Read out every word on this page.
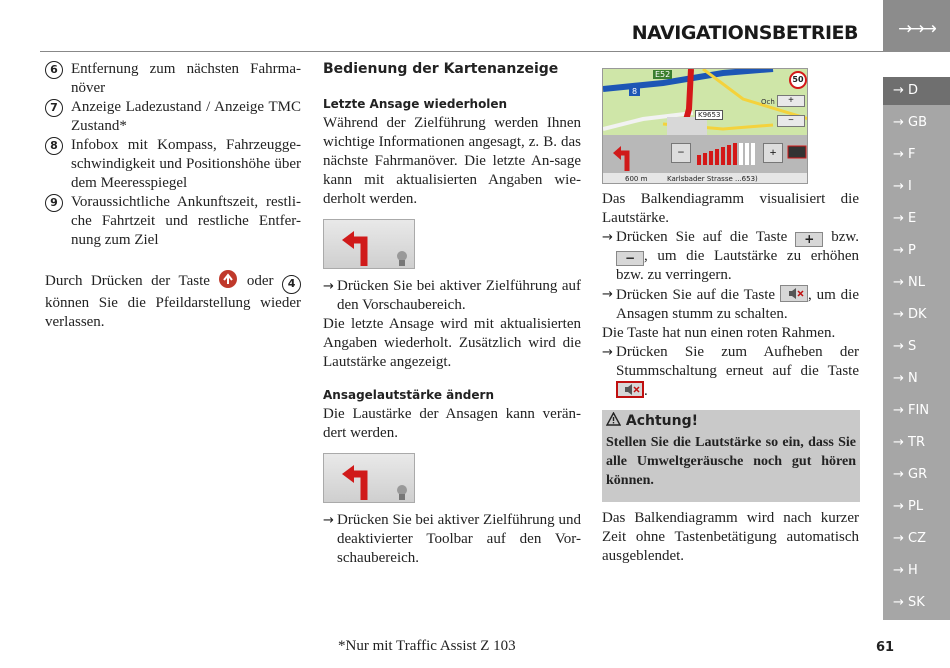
NAVIGATIONSBETRIEB	→→→
→ D
→ GB
→ F
→ I
→ E
→ P
→ NL
→ DK
→ S
→ N
→ FIN
→ TR
→ GR
→ PL
→ CZ
→ H
→ SK
6 Entfernung zum nächsten Fahrma-növer
7 Anzeige Ladezustand / Anzeige TMC Zustand*
8 Infobox mit Kompass, Fahrzeugge-schwindigkeit und Positionshöhe über dem Meeresspiegel
9 Voraussichtliche Ankunftszeit, restli-che Fahrtzeit und restliche Entfer-nung zum Ziel
Durch Drücken der Taste oder 4 können Sie die Pfeildarstellung wieder verlassen.
Bedienung der Kartenanzeige
Letzte Ansage wiederholen
Während der Zielführung werden Ihnen wichtige Informationen angesagt, z. B. das nächste Fahrmanöver. Die letzte An-sage kann mit aktualisierten Angaben wie-derholt werden.
→ Drücken Sie bei aktiver Zielführung auf den Vorschaubereich.
Die letzte Ansage wird mit aktualisierten Angaben wiederholt. Zusätzlich wird die Lautstärke angezeigt.
Ansagelautstärke ändern
Die Laustärke der Ansagen kann verän-dert werden.
→ Drücken Sie bei aktiver Zielführung und deaktivierter Toolbar auf den Vor-schaubereich.
E52
8
K9653
Och
50
+
−
−	+
600 m	Karlsbader Strasse ...653)
Das Balkendiagramm visualisiert die Lautstärke.
→ Drücken Sie auf die Taste + bzw. − , um die Lautstärke zu erhöhen bzw. zu verringern.
→ Drücken Sie auf die Taste , um die Ansagen stumm zu schalten.
Die Taste hat nun einen roten Rahmen.
→ Drücken Sie zum Aufheben der Stummschaltung erneut auf die Taste .
Achtung!
Stellen Sie die Lautstärke so ein, dass Sie alle Umweltgeräusche noch gut hören können.
Das Balkendiagramm wird nach kurzer Zeit ohne Tastenbetätigung automatisch ausgeblendet.
*Nur mit Traffic Assist Z 103	61
